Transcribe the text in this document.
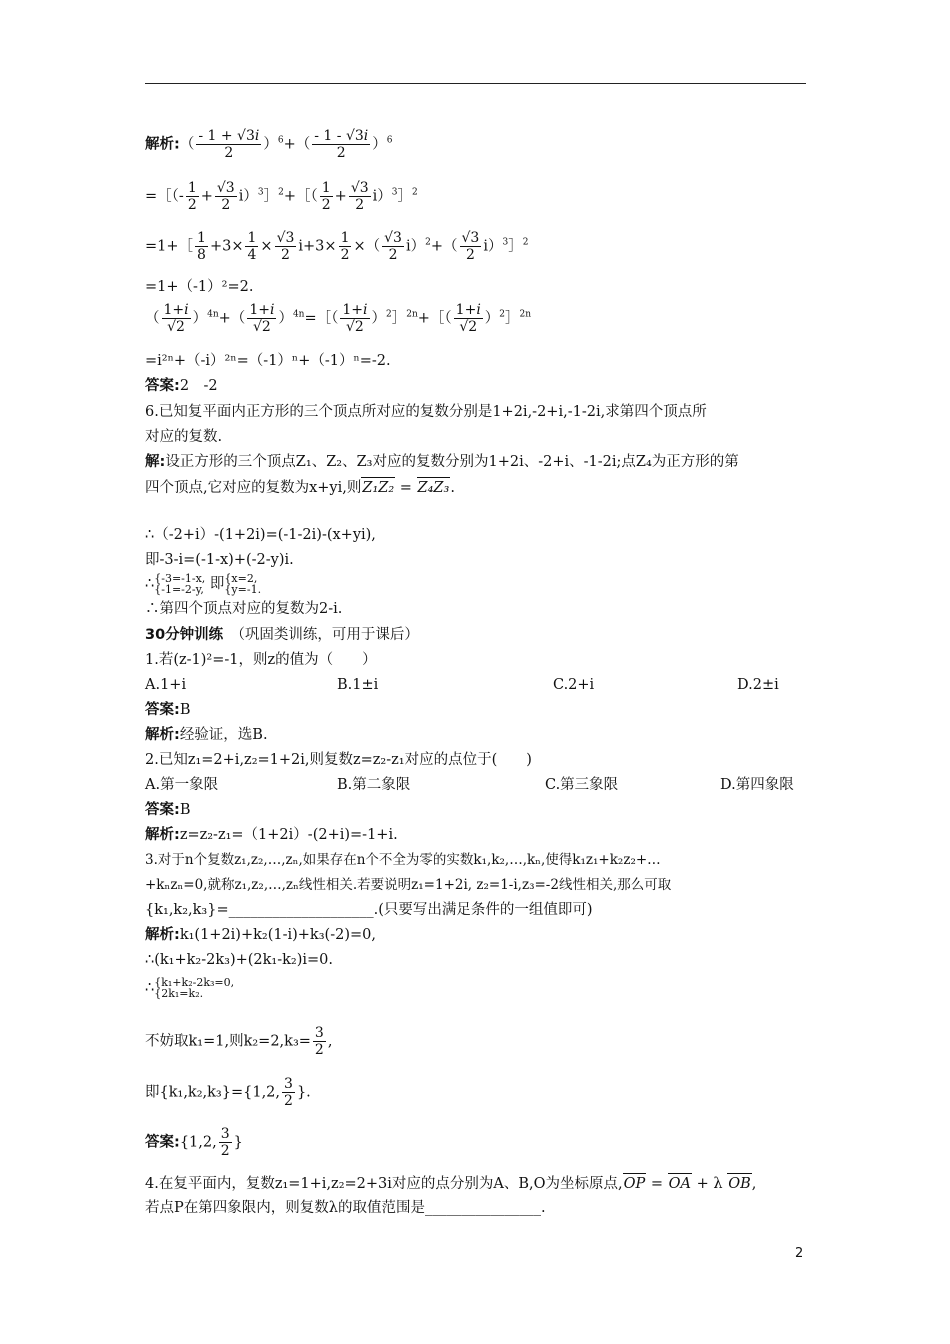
解析:（ $\frac{- 1 + √3i}{2} )^6+( \frac{- 1 - √3i}{2} )^6$
=［（- $\frac{1}{2} + \frac{√3}{2}$ i）$^3$］$^2$+［（ $\frac{1}{2} + \frac{√3}{2}$ i）$^3$］$^2$
=1+［ $\frac{1}{8} +3\times \frac{1}{4} \times \frac{√3}{2} i+3\times \frac{1}{2}$ ×（ $\frac{√3}{2} i)^2+( \frac{√3}{2}$ i）$^3$］$^2$
=1+（-1）²=2.
（ $\frac{1+i}{√2} )^{4n}+( \frac{1+i}{√2}$ ）$^{4n}=[( \frac{1+i}{√2}$ ）$^2$］$^{2n}$+［（ $\frac{1+i}{√2}$ ）$^2$］$^{2n}$
=i²ⁿ+（-i）²ⁿ=（-1）ⁿ+（-1）ⁿ=-2.
答案:2　-2
6.已知复平面内正方形的三个顶点所对应的复数分别是1+2i,-2+i,-1-2i,求第四个顶点所
对应的复数.
解:设正方形的三个顶点Z₁、Z₂、Z₃对应的复数分别为1+2i、-2+i、-1-2i;点Z₄为正方形的第
四个顶点,它对应的复数为x+yi,则Z₁Z₂ = Z₄Z₃.
∴（-2+i）-(1+2i)=(-1-2i)-(x+yi),
即-3-i=(-1-x)+(-2-y)i.
∴{-3=-1-x,
{-1=-2-y, 即{x=2,
{y=-1.
∴第四个顶点对应的复数为2-i.
30分钟训练　 （巩固类训练，可用于课后）
1.若(z-1)²=-1，则z的值为（　　）
A.1+i	B.1±i	C.2+i	D.2±i
答案:B
解析:经验证，选B.
2.已知z₁=2+i,z₂=1+2i,则复数z=z₂-z₁对应的点位于(　　)
A.第一象限	B.第二象限	C.第三象限	D.第四象限
答案:B
解析:z=z₂-z₁=（1+2i）-(2+i)=-1+i.
3.对于n个复数z₁,z₂,…,zₙ,如果存在n个不全为零的实数k₁,k₂,…,kₙ,使得k₁z₁+k₂z₂+…
+kₙzₙ=0,就称z₁,z₂,…,zₙ线性相关.若要说明z₁=1+2i, z₂=1-i,z₃=-2线性相关,那么可取
{k₁,k₂,k₃}=____________________.(只要写出满足条件的一组值即可)
解析:k₁(1+2i)+k₂(1-i)+k₃(-2)=0,
∴(k₁+k₂-2k₃)+(2k₁-k₂)i=0.
∴{k₁+k₂-2k₃=0,
{2k₁=k₂.
不妨取k₁=1,则$k_2=2,k_3= \frac{3}{2}$ ,
即{k₁,k₂,k₃}={1,2, $\frac{3}{2}$ }.
答案:{1,2, $\frac{3}{2}$ }
4.在复平面内，复数z₁=1+i,z₂=2+3i对应的点分别为A、B,O为坐标原点,OP = OA + λ OB,
若点P在第四象限内，则复数λ的取值范围是________________.
2
